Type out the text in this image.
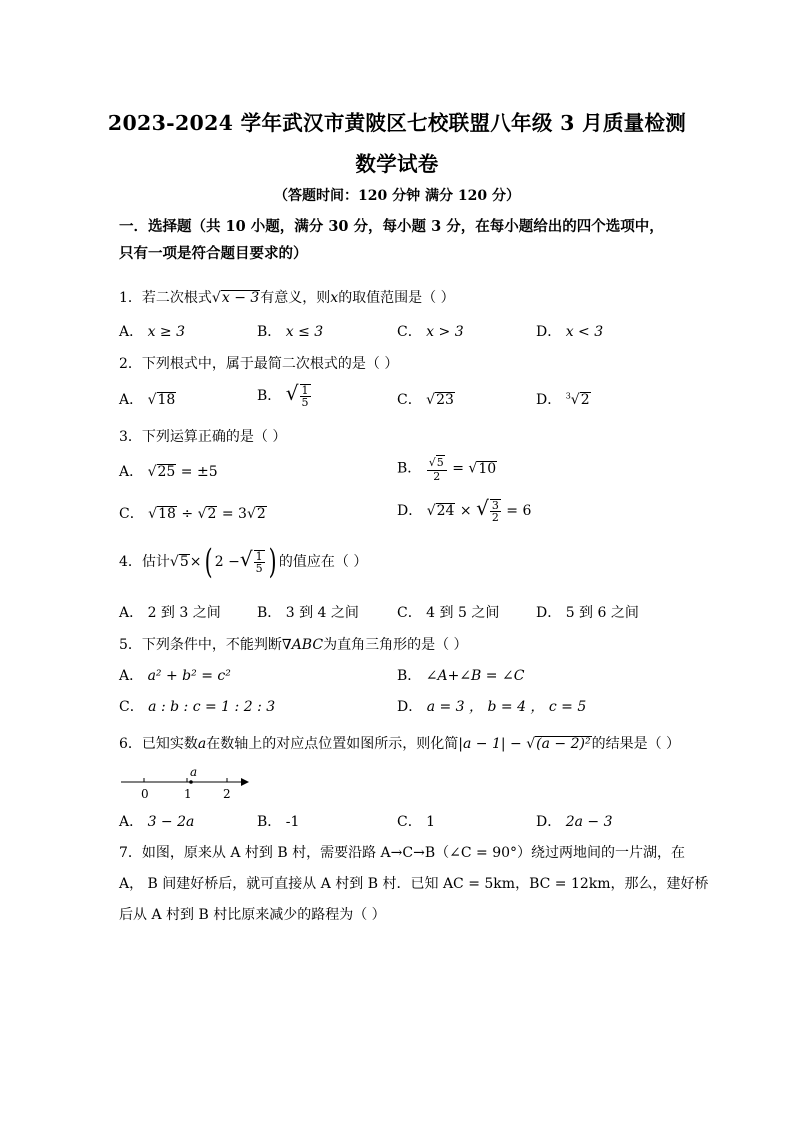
2023-2024 学年武汉市黄陂区七校联盟八年级 3 月质量检测
数学试卷
（答题时间：120 分钟 满分 120 分）
一．选择题（共 10 小题，满分 30 分，每小题 3 分，在每小题给出的四个选项中，
只有一项是符合题目要求的）
1．若二次根式√x − 3有意义，则x的取值范围是（ ）
A． x ≥ 3	B． x ≤ 3	C． x > 3	D． x < 3
2．下列根式中，属于最简二次根式的是（ ）
A． √18	B． √ $\frac{1}{5}$	C． √23	D． $^3$√2
3．下列运算正确的是（ ）
A． √25 = ±5	B． $\frac{√5}{2} = √10$
C． √18 ÷ √2 = 3√2	D． √24 × √ $\frac{3}{2} = 6$
4．估计√5×( 2 −√ $\frac{1}{5}$ ) 的值应在（ ）
A． 2 到 3 之间	B． 3 到 4 之间	C． 4 到 5 之间	D． 5 到 6 之间
5．下列条件中，不能判断∇ABC为直角三角形的是（ ）
A． a² + b² = c²	B． ∠A+∠B = ∠C
C． a : b : c = 1 : 2 : 3	D． a = 3 ， b = 4 ， c = 5
6．已知实数a在数轴上的对应点位置如图所示，则化简|a − 1| − √(a − 2)²的结果是（ ）
a
0	1	2
A． 3 − 2a	B． -1	C． 1	D． 2a − 3
7．如图，原来从 A 村到 B 村，需要沿路 A→C→B（∠C = 90°）绕过两地间的一片湖，在
A， B 间建好桥后，就可直接从 A 村到 B 村．已知 AC = 5km，BC = 12km，那么，建好桥
后从 A 村到 B 村比原来减少的路程为（ ）
